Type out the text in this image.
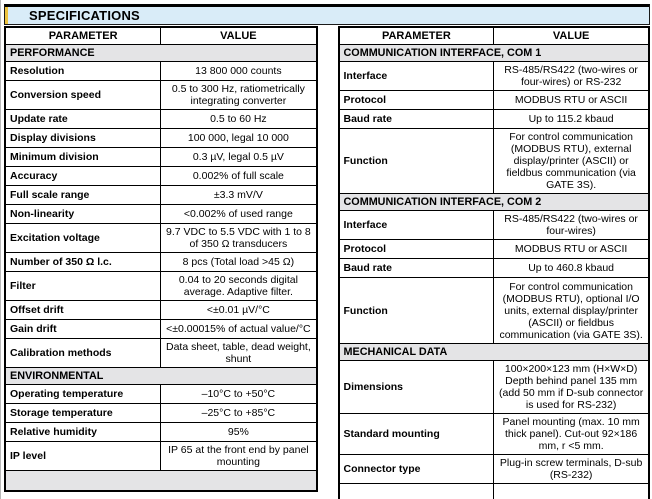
SPECIFICATIONS
PARAMETER	VALUE
PERFORMANCE	
Resolution	13 800 000 counts
Conversion speed	0.5 to 300 Hz, ratiometrically integrating converter
Update rate	0.5 to 60 Hz
Display divisions	100 000, legal 10 000
Minimum division	0.3 µV, legal 0.5 µV
Accuracy	0.002% of full scale
Full scale range	±3.3 mV/V
Non-linearity	<0.002% of used range
Excitation voltage	9.7 VDC to 5.5 VDC with 1 to 8 of 350 Ω transducers
Number of 350 Ω l.c.	8 pcs (Total load >45 Ω)
Filter	0.04 to 20 seconds digital average. Adaptive filter.
Offset drift	<±0.01 µV/°C
Gain drift	<±0.00015% of actual value/°C
Calibration methods	Data sheet, table, dead weight, shunt
ENVIRONMENTAL	
Operating temperature	–10°C to +50°C
Storage temperature	–25°C to +85°C
Relative humidity	95%
IP level	IP 65 at the front end by panel mounting

PARAMETER	VALUE
COMMUNICATION INTERFACE, COM 1	
Interface	RS-485/RS422 (two-wires or four-wires) or RS-232
Protocol	MODBUS RTU or ASCII
Baud rate	Up to 115.2 kbaud
Function	For control communication (MODBUS RTU), external display/printer (ASCII) or fieldbus communication (via GATE 3S).
COMMUNICATION INTERFACE, COM 2	
Interface	RS-485/RS422 (two-wires or four-wires)
Protocol	MODBUS RTU or ASCII
Baud rate	Up to 460.8 kbaud
Function	For control communication (MODBUS RTU), optional I/O units, external display/printer (ASCII) or fieldbus communication (via GATE 3S).
MECHANICAL DATA	
Dimensions	100×200×123 mm (H×W×D) Depth behind panel 135 mm (add 50 mm if D-sub connector is used for RS-232)
Standard mounting	Panel mounting (max. 10 mm thick panel). Cut-out 92×186 mm, r <5 mm.
Connector type	Plug-in screw terminals, D-sub (RS-232)
